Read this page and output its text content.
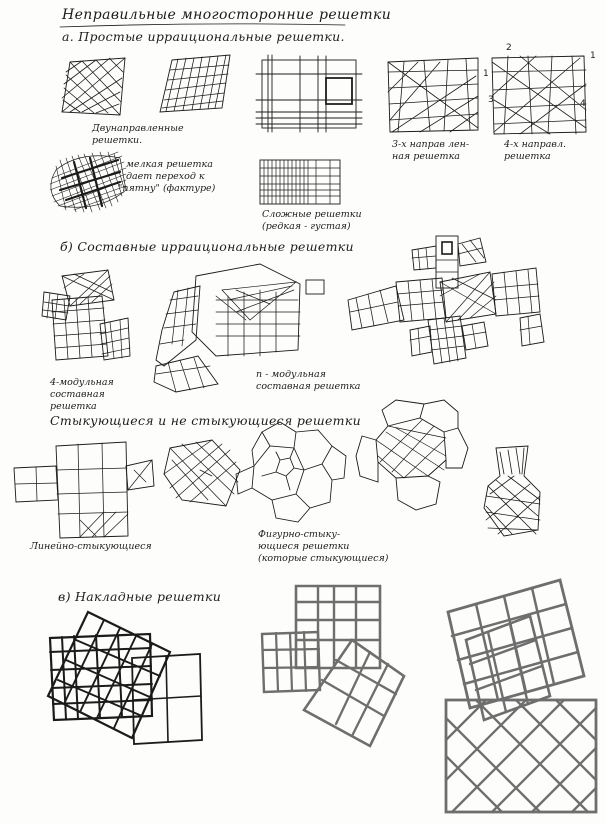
Неправильные многосторонние решетки
а. Простые ирраициональные решетки.
Двунаправленные
решетки.
мелкая решетка
дает переход к
"пятну" (фактуре)
3-х направ лен-
ная решетка
4-х направл.
решетка
Сложные решетки
(редкая - густая)
2
1
1
3	4
б) Составные ирраициональные решетки
4-модульная
составная
решетка
n - модульная
составная решетка
Стыкующиеся и не стыкующиеся решетки
Линейно-стыкующиеся
Фигурно-стыку-
ющиеся решетки
(которые стыкующиеся)
в) Накладные решетки
